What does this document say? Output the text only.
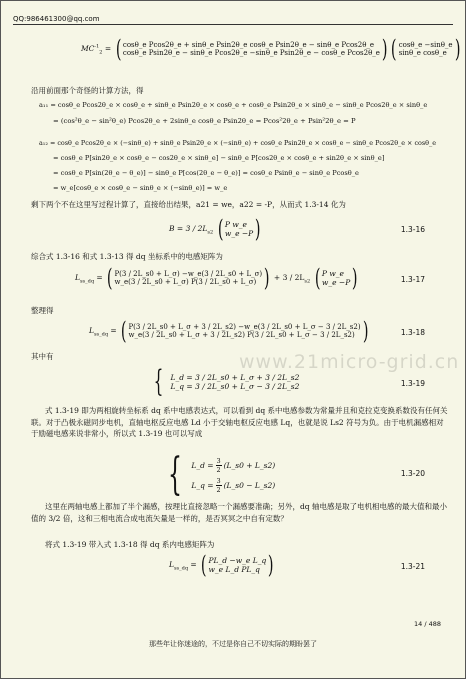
QQ:986461300@qq.com
$MC^{-1}_2$ = ( cosθ_e Pcos2θ_e + sinθ_e Psin2θ_e cosθ_e Psin2θ_e − sinθ_e Pcos2θ_e
cosθ_e Psin2θ_e − sinθ_e Pcos2θ_e −sinθ_e Psin2θ_e − cosθ_e Pcos2θ_e ) ( cosθ_e −sinθ_e
sinθ_e cosθ_e )
沿用前面那个奇怪的计算方法，得
a₁₁ = cosθ_e Pcos2θ_e × cosθ_e + sinθ_e Psin2θ_e × cosθ_e + cosθ_e Psin2θ_e × sinθ_e − sinθ_e Pcos2θ_e × sinθ_e
= (cos²θ_e − sin²θ_e) Pcos2θ_e + 2sinθ_e cosθ_e Psin2θ_e = Pcos²2θ_e + Psin²2θ_e = P
a₁₂ = cosθ_e Pcos2θ_e × (−sinθ_e) + sinθ_e Psin2θ_e × (−sinθ_e) + cosθ_e Psin2θ_e × cosθ_e − sinθ_e Pcos2θ_e × cosθ_e
= cosθ_e P[sin2θ_e × cosθ_e − cos2θ_e × sinθ_e] − sinθ_e P[cos2θ_e × cosθ_e + sin2θ_e × sinθ_e]
= cosθ_e P[sin(2θ_e − θ_e)] − sinθ_e P[cos(2θ_e − θ_e)] = cosθ_e Psinθ_e − sinθ_e Pcosθ_e
= w_e[cosθ_e × cosθ_e − sinθ_e × (−sinθ_e)] = w_e
剩下两个不在这里写过程计算了，直接给出结果，a21 = we，a22 = -P，从而式 1.3-14 化为
$B = 3 / 2L_{s2}$ ( P w_e
w_e −P )	1.3-16
综合式 1.3-16 和式 1.3-13 得 dq 坐标系中的电感矩阵为
$L_{ss\_dq}$ = ( P(3 / 2L_s0 + L_σ) −w_e(3 / 2L_s0 + L_σ)
w_e(3 / 2L_s0 + L_σ) P(3 / 2L_s0 + L_σ) ) + $3 / 2L_{s2}$ ( P w_e
w_e −P )	1.3-17
整理得
$L_{ss\_dq}$ = ( P(3 / 2L_s0 + L_σ + 3 / 2L_s2) −w_e(3 / 2L_s0 + L_σ − 3 / 2L_s2)
w_e(3 / 2L_s0 + L_σ + 3 / 2L_s2) P(3 / 2L_s0 + L_σ − 3 / 2L_s2) )	1.3-18
其中有	www.21micro-grid.cn
{ L_d = 3 / 2L_s0 + L_σ + 3 / 2L_s2
L_q = 3 / 2L_s0 + L_σ − 3 / 2L_s2	1.3-19
式 1.3-19 即为两相旋转坐标系 dq 系中电感表达式，可以看到 dq 系中电感参数为常量并且和克拉克变换系数没有任何关联。对于凸极永磁同步电机，直轴电枢反应电感 Ld 小于交轴电枢反应电感 Lq，也就是说 Ls2 符号为负。由于电机漏感相对于励磁电感来说非常小，所以式 1.3-19 也可以写成
{ L_d = 3
2 (L_s0 + L_s2)
L_q = 3
2 (L_s0 − L_s2)
1.3-20
这里在两轴电感上都加了半个漏感，按理比直接忽略一个漏感要准确；另外，dq 轴电感是取了电机相电感的最大值和最小值的 3/2 倍，这和三相电流合成电流矢量是一样的，是否冥冥之中自有定数？
将式 1.3-19 带入式 1.3-18 得 dq 系内电感矩阵为
$L_{ss\_dq}$ = ( PL_d −w_e L_q
w_e L_d PL_q )	1.3-21
14 / 488
那些年让你迷途的，不过是你自己不切实际的期盼罢了
